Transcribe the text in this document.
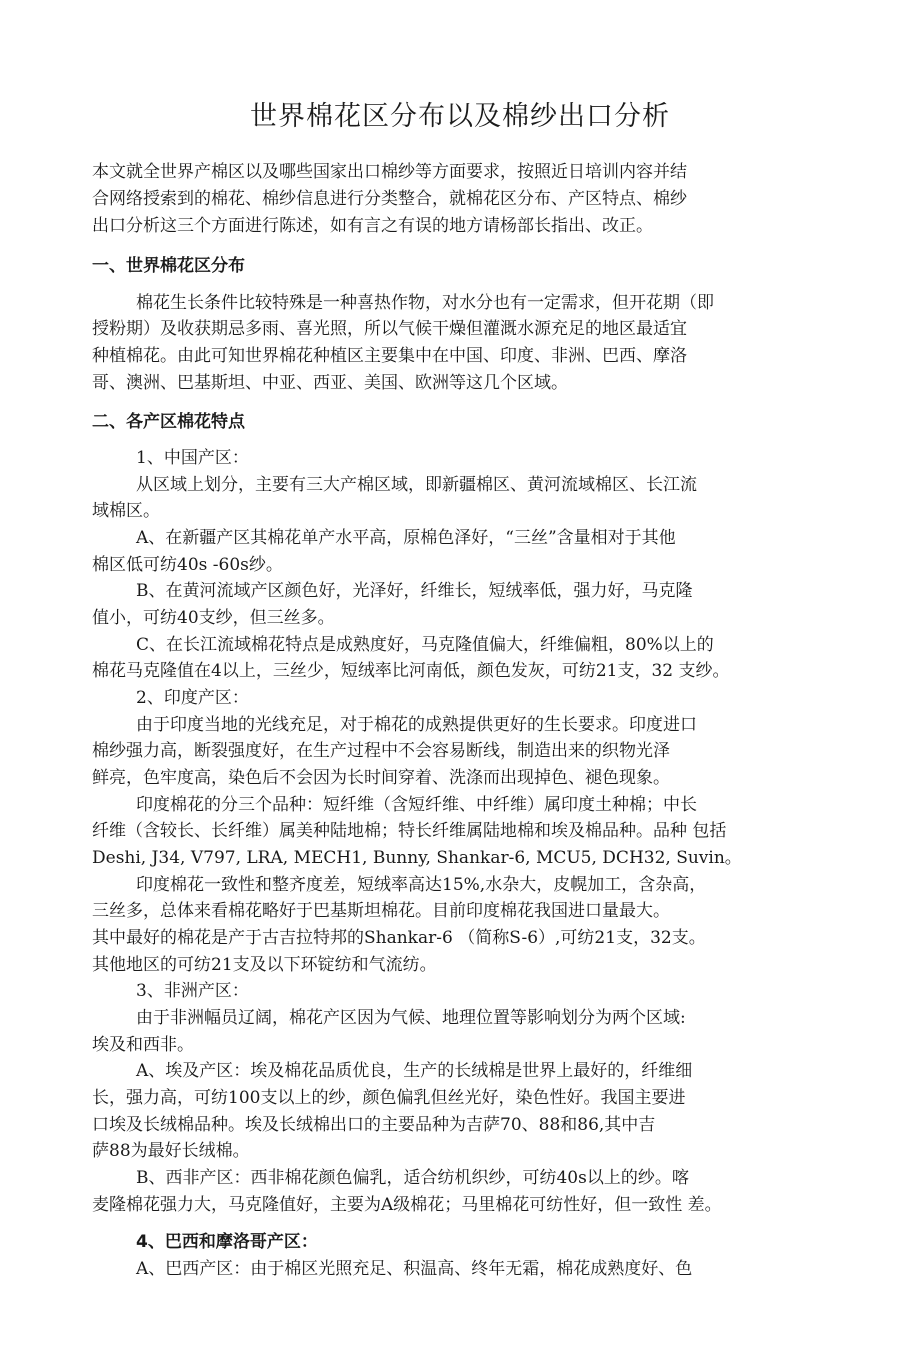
世界棉花区分布以及棉纱出口分析

本文就全世界产棉区以及哪些国家出口棉纱等方面要求，按照近日培训内容并结

合网络授索到的棉花、棉纱信息进行分类整合，就棉花区分布、产区特点、棉纱

出口分析这三个方面进行陈述，如有言之有误的地方请杨部长指出、改正。

一、世界棉花区分布

棉花生长条件比较特殊是一种喜热作物，对水分也有一定需求，但开花期（即

授粉期）及收获期忌多雨、喜光照，所以气候干燥但灌溉水源充足的地区最适宜

种植棉花。由此可知世界棉花种植区主要集中在中国、印度、非洲、巴西、摩洛

哥、澳洲、巴基斯坦、中亚、西亚、美国、欧洲等这几个区域。

二、各产区棉花特点

1、中国产区：

从区域上划分，主要有三大产棉区域，即新疆棉区、黄河流域棉区、长江流

域棉区。

A、在新疆产区其棉花单产水平高，原棉色泽好，“三丝”含量相对于其他

棉区低可纺40s -60s纱。

B、在黄河流域产区颜色好，光泽好，纤维长，短绒率低，强力好，马克隆

值小，可纺40支纱，但三丝多。

C、在长江流域棉花特点是成熟度好，马克隆值偏大，纤维偏粗，80%以上的

棉花马克隆值在4以上，三丝少，短绒率比河南低，颜色发灰，可纺21支，32 支纱。

2、印度产区：

由于印度当地的光线充足，对于棉花的成熟提供更好的生长要求。印度进口

棉纱强力高，断裂强度好，在生产过程中不会容易断线，制造出来的织物光泽

鲜亮，色牢度高，染色后不会因为长时间穿着、洗涤而出现掉色、褪色现象。

印度棉花的分三个品种：短纤维（含短纤维、中纤维）属印度土种棉；中长

纤维（含较长、长纤维）属美种陆地棉；特长纤维属陆地棉和埃及棉品种。品种 包括

Deshi, J34, V797, LRA, MECH1, Bunny, Shankar-6, MCU5, DCH32, Suvin。

印度棉花一致性和整齐度差，短绒率高达15%,水杂大，皮幌加工，含杂高，

三丝多，总体来看棉花略好于巴基斯坦棉花。目前印度棉花我国进口量最大。

其中最好的棉花是产于古吉拉特邦的Shankar-6 （简称S-6）,可纺21支，32支。

其他地区的可纺21支及以下环锭纺和气流纺。

3、非洲产区：

由于非洲幅员辽阔，棉花产区因为气候、地理位置等影响划分为两个区域:

埃及和西非。

A、埃及产区：埃及棉花品质优良，生产的长绒棉是世界上最好的，纤维细

长，强力高，可纺100支以上的纱，颜色偏乳但丝光好，染色性好。我国主要进

口埃及长绒棉品种。埃及长绒棉出口的主要品种为吉萨70、88和86,其中吉

萨88为最好长绒棉。

B、西非产区：西非棉花颜色偏乳，适合纺机织纱，可纺40s以上的纱。喀

麦隆棉花强力大，马克隆值好，主要为A级棉花；马里棉花可纺性好，但一致性 差。

4、巴西和摩洛哥产区：

A、巴西产区：由于棉区光照充足、积温高、终年无霜，棉花成熟度好、色
